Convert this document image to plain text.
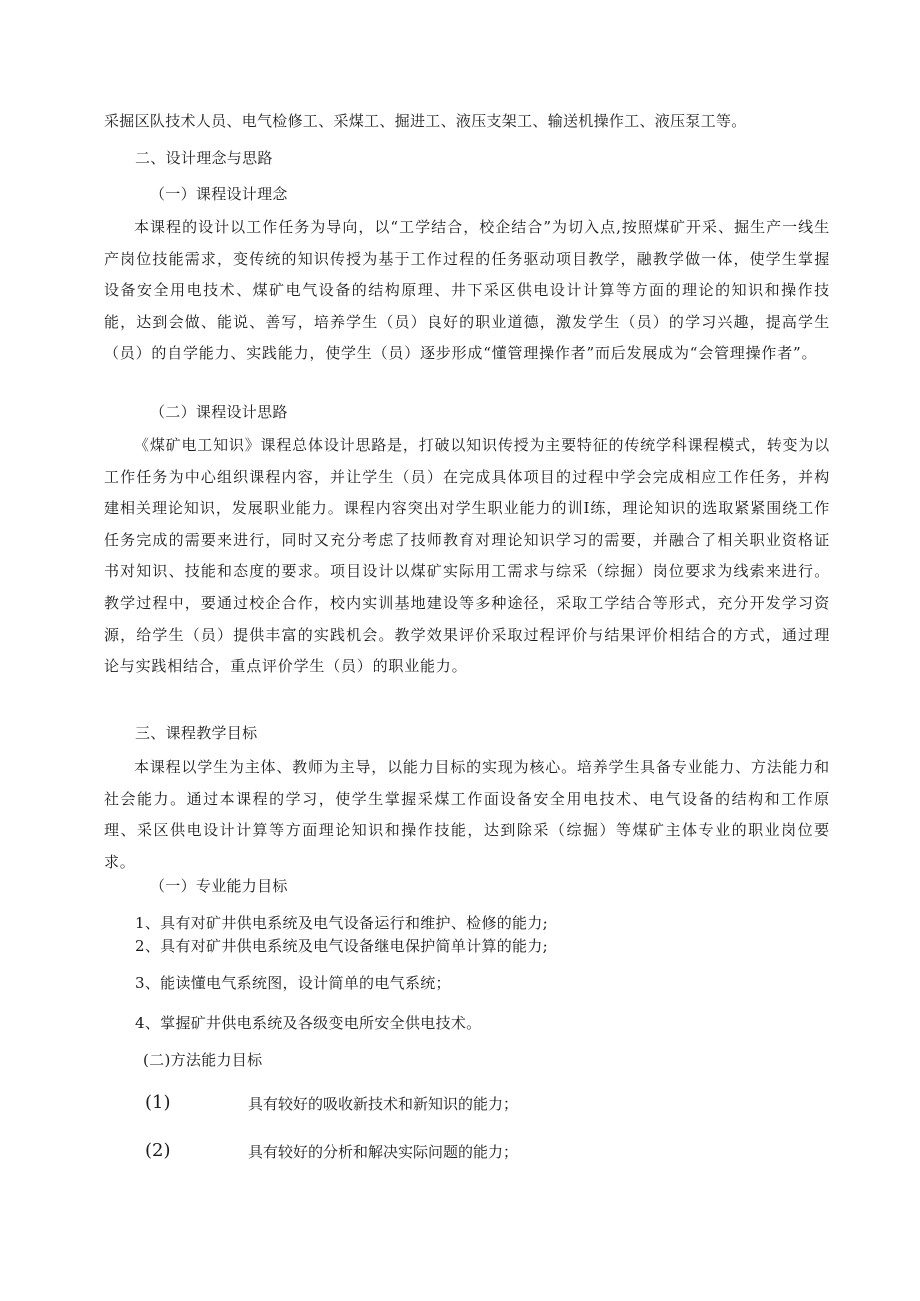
采掘区队技术人员、电气检修工、采煤工、掘进工、液压支架工、输送机操作工、液压泵工等。
二、设计理念与思路
（一）课程设计理念
本课程的设计以工作任务为导向，以“工学结合，校企结合”为切入点,按照煤矿开采、掘生产一线生产岗位技能需求，变传统的知识传授为基于工作过程的任务驱动项目教学，融教学做一体，使学生掌握设备安全用电技术、煤矿电气设备的结构原理、井下采区供电设计计算等方面的理论的知识和操作技能，达到会做、能说、善写，培养学生（员）良好的职业道德，激发学生（员）的学习兴趣，提高学生（员）的自学能力、实践能力，使学生（员）逐步形成“懂管理操作者”而后发展成为“会管理操作者”。
（二）课程设计思路
《煤矿电工知识》课程总体设计思路是，打破以知识传授为主要特征的传统学科课程模式，转变为以工作任务为中心组织课程内容，并让学生（员）在完成具体项目的过程中学会完成相应工作任务，并构建相关理论知识，发展职业能力。课程内容突出对学生职业能力的训Ⅰ练，理论知识的选取紧紧围绕工作任务完成的需要来进行，同时又充分考虑了技师教育对理论知识学习的需要，并融合了相关职业资格证书对知识、技能和态度的要求。项目设计以煤矿实际用工需求与综采（综掘）岗位要求为线索来进行。教学过程中，要通过校企合作，校内实训基地建设等多种途径，采取工学结合等形式，充分开发学习资源，给学生（员）提供丰富的实践机会。教学效果评价采取过程评价与结果评价相结合的方式，通过理论与实践相结合，重点评价学生（员）的职业能力。
三、课程教学目标
本课程以学生为主体、教师为主导，以能力目标的实现为核心。培养学生具备专业能力、方法能力和社会能力。通过本课程的学习，使学生掌握采煤工作面设备安全用电技术、电气设备的结构和工作原理、采区供电设计计算等方面理论知识和操作技能，达到除采（综掘）等煤矿主体专业的职业岗位要求。
（一）专业能力目标
1、具有对矿井供电系统及电气设备运行和维护、检修的能力;
2、具有对矿井供电系统及电气设备继电保护简单计算的能力;
3、能读懂电气系统图，设计简单的电气系统；
4、掌握矿井供电系统及各级变电所安全供电技术。
(二)方法能力目标
(1)	具有较好的吸收新技术和新知识的能力；
(2)	具有较好的分析和解决实际问题的能力；
